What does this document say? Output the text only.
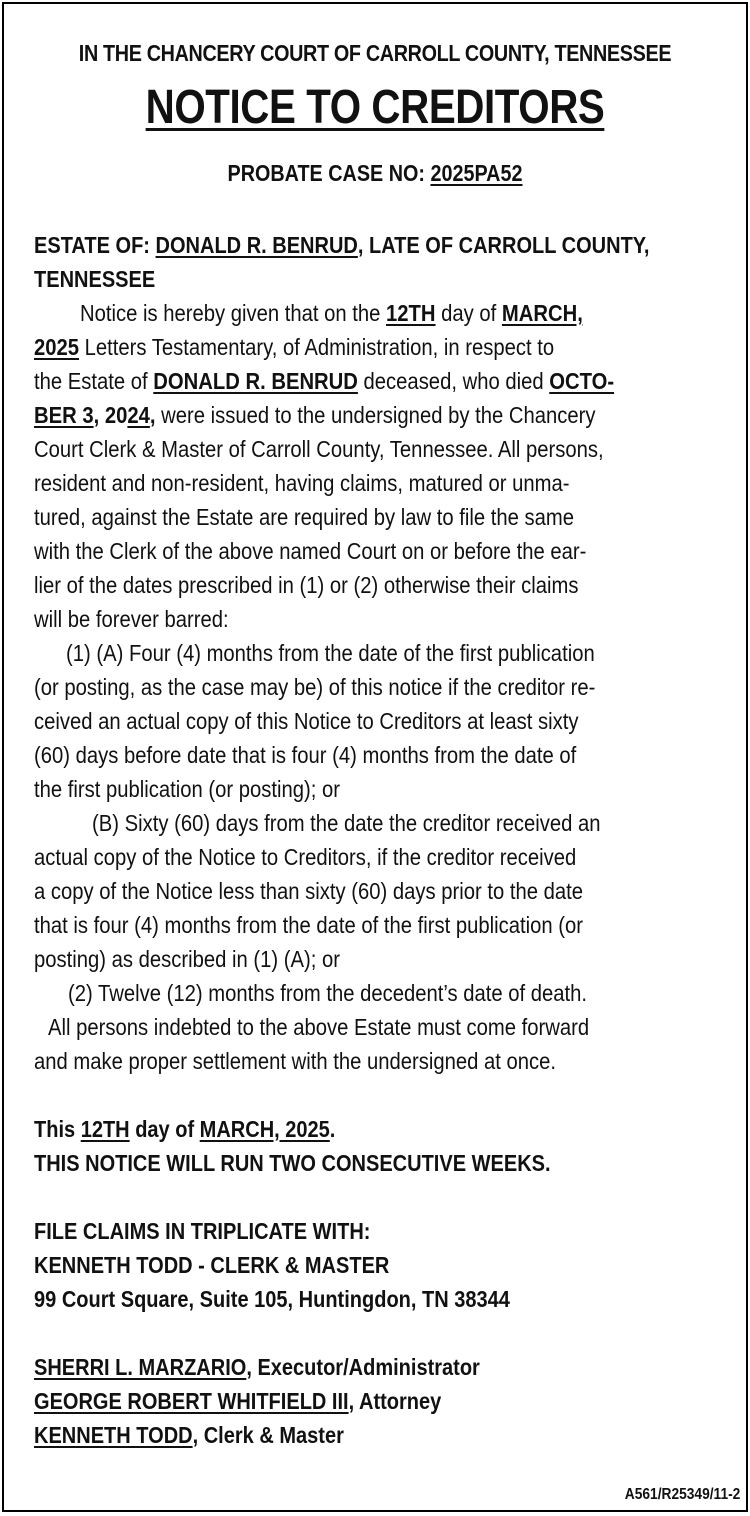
IN THE CHANCERY COURT OF CARROLL COUNTY, TENNESSEE
NOTICE TO CREDITORS
PROBATE CASE NO: 2025PA52
ESTATE OF: DONALD R. BENRUD, LATE OF CARROLL COUNTY,
TENNESSEE
Notice is hereby given that on the 12TH day of MARCH,
2025 Letters Testamentary, of Administration, in respect to
the Estate of DONALD R. BENRUD deceased, who died OCTO-
BER 3, 2024, were issued to the undersigned by the Chancery
Court Clerk & Master of Carroll County, Tennessee. All persons,
resident and non-resident, having claims, matured or unma-
tured, against the Estate are required by law to file the same
with the Clerk of the above named Court on or before the ear-
lier of the dates prescribed in (1) or (2) otherwise their claims
will be forever barred:
(1) (A) Four (4) months from the date of the first publication
(or posting, as the case may be) of this notice if the creditor re-
ceived an actual copy of this Notice to Creditors at least sixty
(60) days before date that is four (4) months from the date of
the first publication (or posting); or
(B) Sixty (60) days from the date the creditor received an
actual copy of the Notice to Creditors, if the creditor received
a copy of the Notice less than sixty (60) days prior to the date
that is four (4) months from the date of the first publication (or
posting) as described in (1) (A); or
(2) Twelve (12) months from the decedent’s date of death.
All persons indebted to the above Estate must come forward
and make proper settlement with the undersigned at once.
This 12TH day of MARCH, 2025.
THIS NOTICE WILL RUN TWO CONSECUTIVE WEEKS.
FILE CLAIMS IN TRIPLICATE WITH:
KENNETH TODD - CLERK & MASTER
99 Court Square, Suite 105, Huntingdon, TN 38344
SHERRI L. MARZARIO, Executor/Administrator
GEORGE ROBERT WHITFIELD III, Attorney
KENNETH TODD, Clerk & Master
A561/R25349/11-2
